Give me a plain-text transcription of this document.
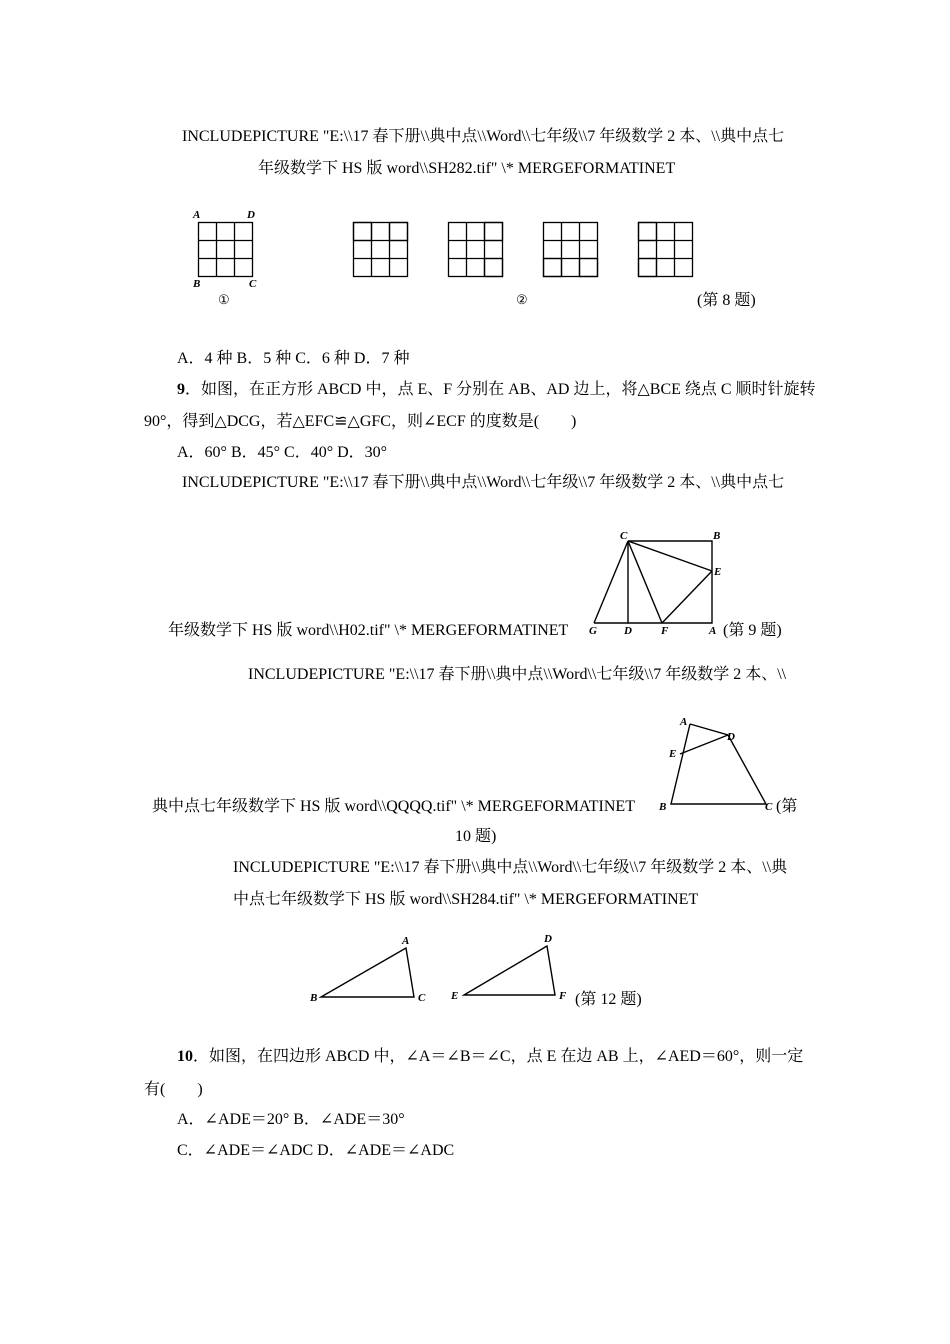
INCLUDEPICTURE "E:\\17 春下册\\典中点\\Word\\七年级\\7 年级数学 2 本、\\典中点七
年级数学下 HS 版 word\\SH282.tif" \* MERGEFORMATINET
A	D
B	C
①	②	(第 8 题)
A．4 种 B．5 种 C．6 种 D．7 种
9．如图，在正方形 ABCD 中，点 E、F 分别在 AB、AD 边上，将△BCE 绕点 C 顺时针旋转
90°，得到△DCG，若△EFC≌△GFC，则∠ECF 的度数是(　　)
A．60° B．45° C．40° D．30°
INCLUDEPICTURE "E:\\17 春下册\\典中点\\Word\\七年级\\7 年级数学 2 本、\\典中点七
年级数学下 HS 版 word\\H02.tif" \* MERGEFORMATINET
C	B
E
G D	F	A (第 9 题)
INCLUDEPICTURE "E:\\17 春下册\\典中点\\Word\\七年级\\7 年级数学 2 本、\\
A
D
E
典中点七年级数学下 HS 版 word\\QQQQ.tif" \* MERGEFORMATINET B	C (第
10 题)
INCLUDEPICTURE "E:\\17 春下册\\典中点\\Word\\七年级\\7 年级数学 2 本、\\典
中点七年级数学下 HS 版 word\\SH284.tif" \* MERGEFORMATINET
A
B	C
D
E	F (第 12 题)
10．如图，在四边形 ABCD 中，∠A＝∠B＝∠C，点 E 在边 AB 上，∠AED＝60°，则一定
有(　　)
A．∠ADE＝20° B．∠ADE＝30°
C．∠ADE＝∠ADC D．∠ADE＝∠ADC
